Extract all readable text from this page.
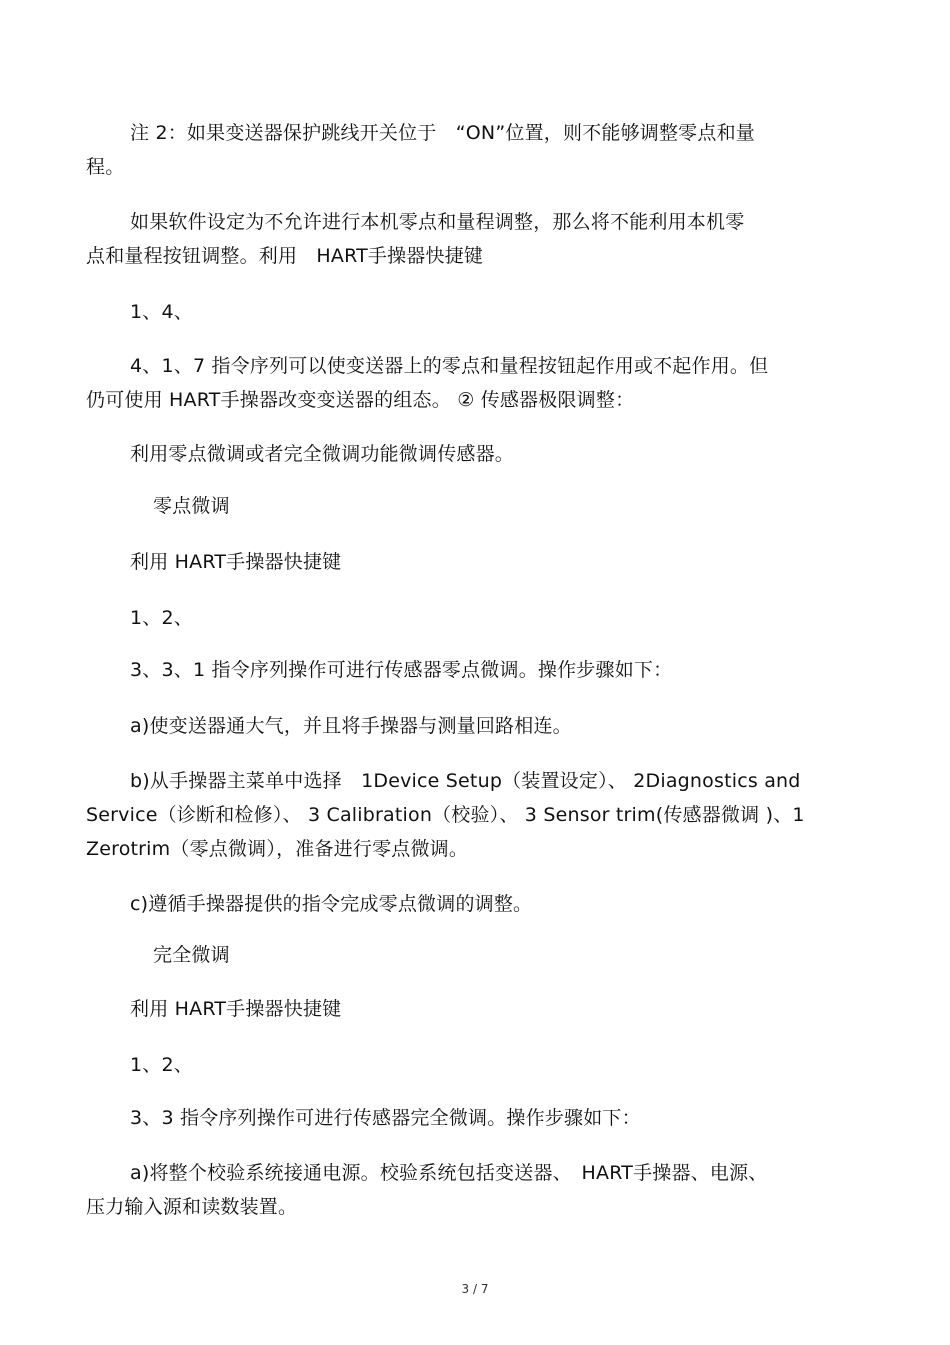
注 2：如果变送器保护跳线开关位于　“ON”位置，则不能够调整零点和量
程。
如果软件设定为不允许进行本机零点和量程调整，那么将不能利用本机零
点和量程按钮调整。利用　HART手操器快捷键
1、4、
4、1、7 指令序列可以使变送器上的零点和量程按钮起作用或不起作用。但
仍可使用 HART手操器改变变送器的组态。 ② 传感器极限调整：
利用零点微调或者完全微调功能微调传感器。
零点微调
利用 HART手操器快捷键
1、2、
3、3、1 指令序列操作可进行传感器零点微调。操作步骤如下：
a)使变送器通大气，并且将手操器与测量回路相连。
b)从手操器主菜单中选择　1Device Setup（装置设定）、 2Diagnostics and
Service（诊断和检修）、 3 Calibration（校验）、 3 Sensor trim(传感器微调 )、1
Zerotrim（零点微调），准备进行零点微调。
c)遵循手操器提供的指令完成零点微调的调整。
完全微调
利用 HART手操器快捷键
1、2、
3、3 指令序列操作可进行传感器完全微调。操作步骤如下：
a)将整个校验系统接通电源。校验系统包括变送器、　HART手操器、电源、
压力输入源和读数装置。
3 / 7
